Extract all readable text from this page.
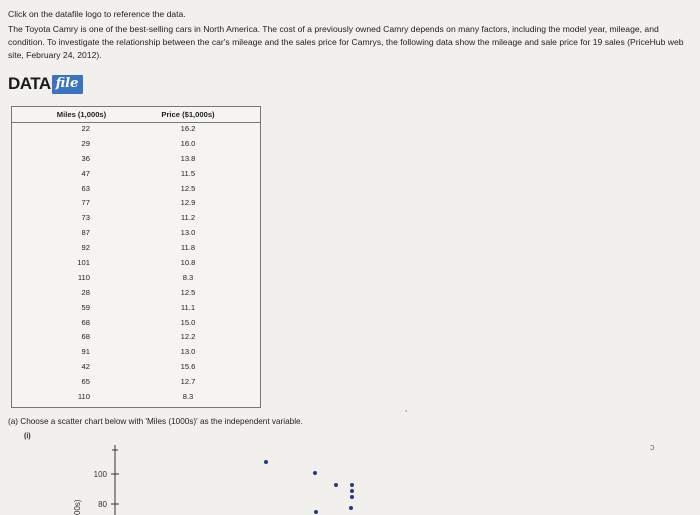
Click on the datafile logo to reference the data.

The Toyota Camry is one of the best-selling cars in North America. The cost of a previously owned Camry depends on many factors, including the model year, mileage, and condition. To investigate the relationship between the car's mileage and the sales price for Camrys, the following data show the mileage and sale price for 19 sales (PriceHub web site, February 24, 2012).

DATA file
Miles (1,000s)
22
29
36
47
63
77
73
87
92
101
110
28
59
68
68
91
42
65
110
Price ($1,000s)
16.2
16.0
13.8
11.5
12.5
12.9
11.2
13.0
11.8
10.8
8.3
12.5
11.1
15.0
12.2
13.0
15.6
12.7
8.3
,
(a) Choose a scatter chart below with 'Miles (1000s)' as the independent variable.
(i)
ↄ
100
80
00s)
